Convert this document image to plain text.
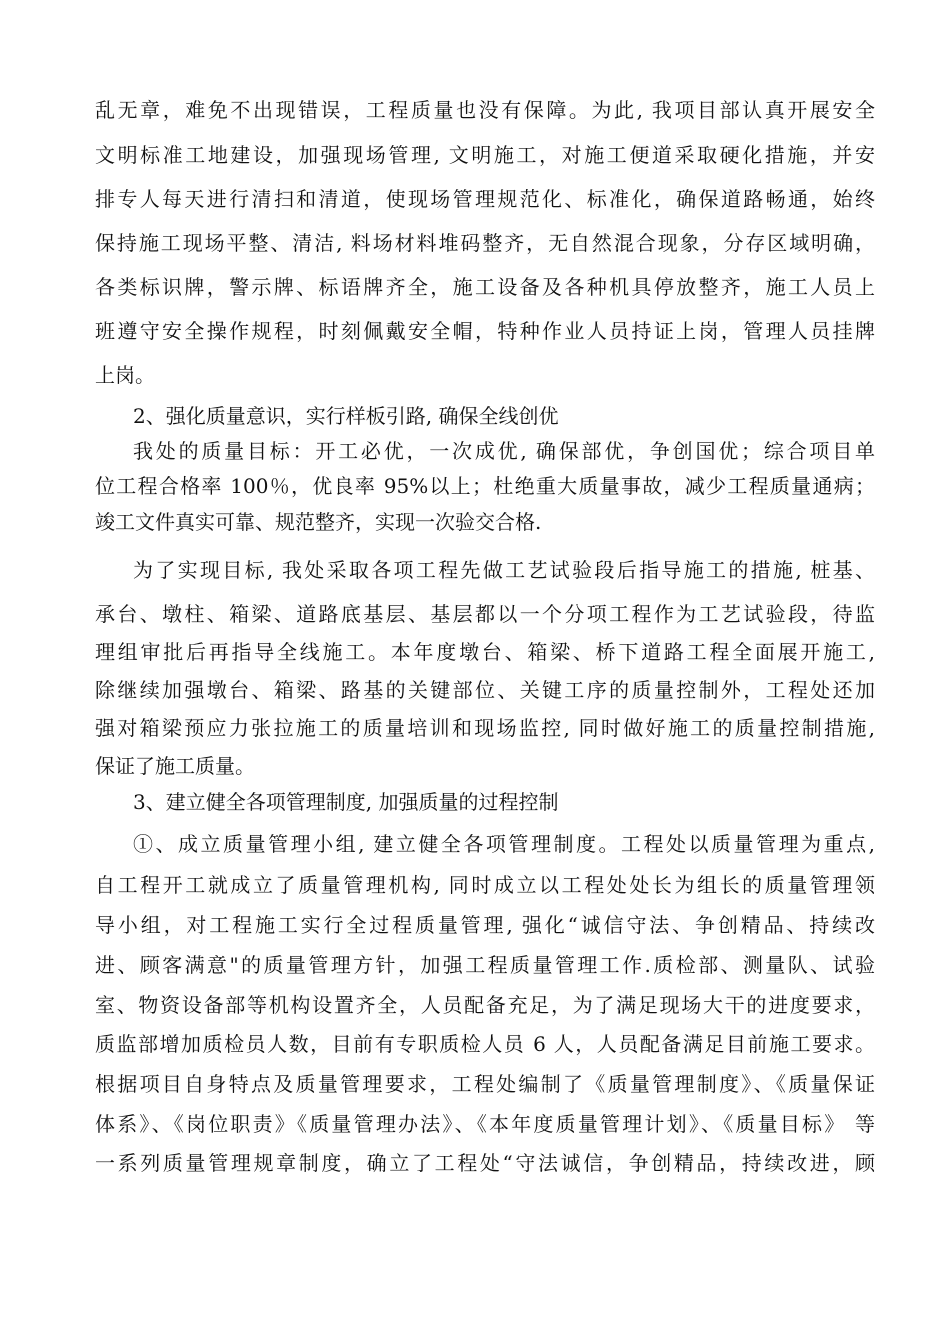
乱无章，难免不出现错误，工程质量也没有保障。为此, 我项目部认真开展安全
文明标准工地建设，加强现场管理, 文明施工，对施工便道采取硬化措施，并安
排专人每天进行清扫和清道，使现场管理规范化、标准化，确保道路畅通，始终
保持施工现场平整、清洁, 料场材料堆码整齐，无自然混合现象，分存区域明确，
各类标识牌，警示牌、标语牌齐全，施工设备及各种机具停放整齐，施工人员上
班遵守安全操作规程，时刻佩戴安全帽，特种作业人员持证上岗，管理人员挂牌
上岗。
2、强化质量意识，实行样板引路, 确保全线创优
我处的质量目标：开工必优，一次成优, 确保部优，争创国优；综合项目单
位工程合格率 100％，优良率 95%以上；杜绝重大质量事故，减少工程质量通病；
竣工文件真实可靠、规范整齐，实现一次验交合格.
为了实现目标, 我处采取各项工程先做工艺试验段后指导施工的措施, 桩基、
承台、墩柱、箱梁、道路底基层、基层都以一个分项工程作为工艺试验段，待监
理组审批后再指导全线施工。本年度墩台、箱梁、桥下道路工程全面展开施工,
除继续加强墩台、箱梁、路基的关键部位、关键工序的质量控制外，工程处还加
强对箱梁预应力张拉施工的质量培训和现场监控, 同时做好施工的质量控制措施,
保证了施工质量。
3、建立健全各项管理制度, 加强质量的过程控制
①、成立质量管理小组, 建立健全各项管理制度。工程处以质量管理为重点,
自工程开工就成立了质量管理机构, 同时成立以工程处处长为组长的质量管理领
导小组，对工程施工实行全过程质量管理, 强化“诚信守法、争创精品、持续改
进、顾客满意"的质量管理方针，加强工程质量管理工作.质检部、测量队、试验
室、物资设备部等机构设置齐全，人员配备充足，为了满足现场大干的进度要求，
质监部增加质检员人数，目前有专职质检人员 6 人，人员配备满足目前施工要求。
根据项目自身特点及质量管理要求，工程处编制了《质量管理制度》、《质量保证
体系》、《岗位职责》《质量管理办法》、《本年度质量管理计划》、《质量目标》 等
一系列质量管理规章制度，确立了工程处“守法诚信，争创精品，持续改进，顾
